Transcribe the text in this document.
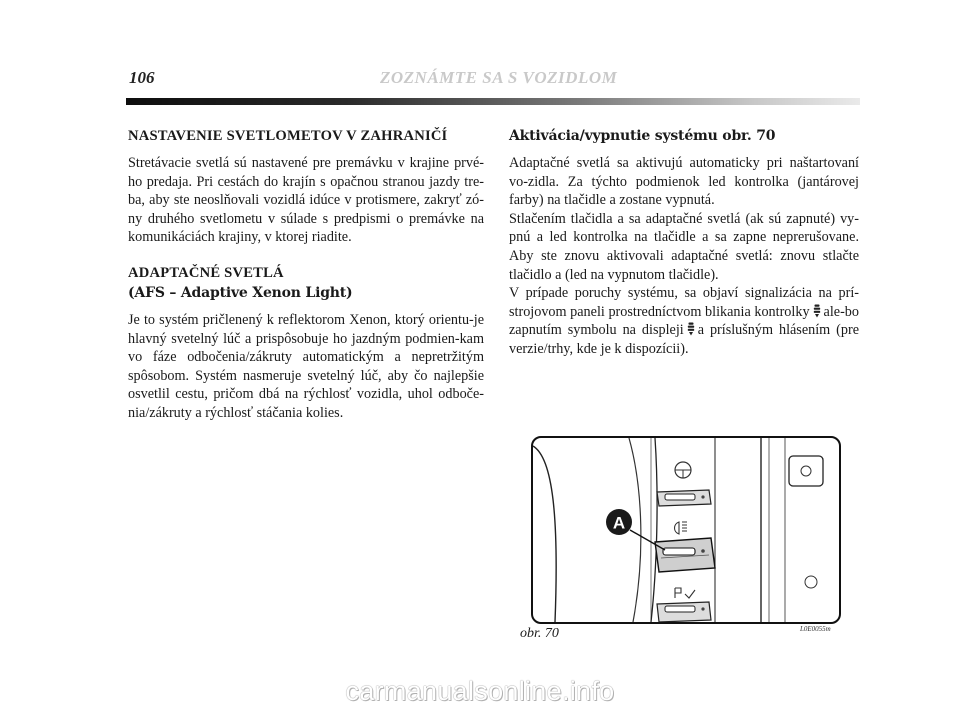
106	ZOZNÁMTE SA S VOZIDLOM
NASTAVENIE SVETLOMETOV V ZAHRANIČÍ

Stretávacie svetlá sú nastavené pre premávku v krajine prvé-ho predaja. Pri cestách do krajín s opačnou stranou jazdy tre-ba, aby ste neoslňovali vozidlá idúce v protismere, zakryť zó-ny druhého svetlometu v súlade s predpismi o premávke na komunikáciách krajiny, v ktorej riadite.

ADAPTAČNÉ SVETLÁ
(AFS – Adaptive Xenon Light)

Je to systém pričlenený k reflektorom Xenon, ktorý orientu-je hlavný svetelný lúč a prispôsobuje ho jazdným podmien-kam vo fáze odbočenia/zákruty automatickým a nepretržitým spôsobom. Systém nasmeruje svetelný lúč, aby čo najlepšie osvetlil cestu, pričom dbá na rýchlosť vozidla, uhol odboče-nia/zákruty a rýchlosť stáčania kolies.

Aktivácia/vypnutie systému obr. 70

Adaptačné svetlá sa aktivujú automaticky pri naštartovaní vo-zidla. Za týchto podmienok led kontrolka (jantárovej farby) na tlačidle a zostane vypnutá.

Stlačením tlačidla a sa adaptačné svetlá (ak sú zapnuté) vy-pnú a led kontrolka na tlačidle a sa zapne neprerušovane. Aby ste znovu aktivovali adaptačné svetlá: znovu stlačte tlačidlo a (led na vypnutom tlačidle).

V prípade poruchy systému, sa objaví signalizácia na prí-strojovom paneli prostredníctvom blikania kontrolky ale-bo zapnutím symbolu na displeji a príslušným hlásením (pre verzie/trhy, kde je k dispozícii).

A
obr. 70	L0E0055m
carmanualsonline.info
